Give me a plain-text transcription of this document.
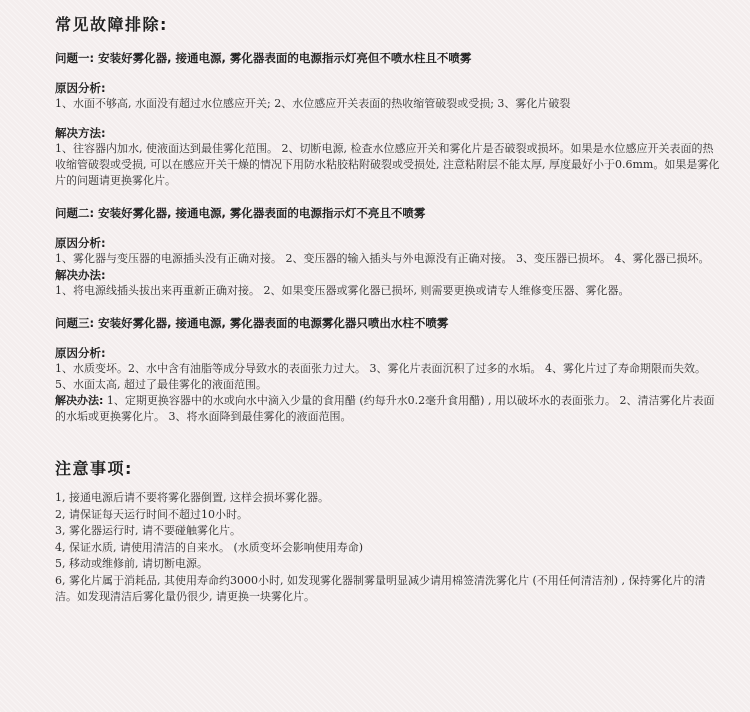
常见故障排除:

问题一: 安装好雾化器, 接通电源, 雾化器表面的电源指示灯亮但不喷水柱且不喷雾

原因分析:

1、水面不够高, 水面没有超过水位感应开关; 2、水位感应开关表面的热收缩管破裂或受损; 3、雾化片破裂

解决方法:

1、往容器内加水, 使液面达到最佳雾化范围。 2、切断电源, 检查水位感应开关和雾化片是否破裂或损坏。如果是水位感应开关表面的热收缩管破裂或受损, 可以在感应开关干燥的情况下用防水粘胶粘附破裂或受损处, 注意粘附层不能太厚, 厚度最好小于0.6mm。如果是雾化片的问题请更换雾化片。

问题二: 安装好雾化器, 接通电源, 雾化器表面的电源指示灯不亮且不喷雾

原因分析:

1、雾化器与变压器的电源插头没有正确对接。 2、变压器的输入插头与外电源没有正确对接。 3、变压器已损坏。 4、雾化器已损坏。

解决办法:

1、将电源线插头拔出来再重新正确对接。 2、如果变压器或雾化器已损坏, 则需要更换或请专人维修变压器、雾化器。

问题三: 安装好雾化器, 接通电源, 雾化器表面的电源雾化器只喷出水柱不喷雾

原因分析:

1、水质变坏。2、水中含有油脂等成分导致水的表面张力过大。 3、雾化片表面沉积了过多的水垢。 4、雾化片过了寿命期限而失效。 5、水面太高, 超过了最佳雾化的液面范围。

解决办法: 1、定期更换容器中的水或向水中滴入少量的食用醋 (约每升水0.2毫升食用醋) , 用以破坏水的表面张力。 2、清洁雾化片表面的水垢或更换雾化片。 3、将水面降到最佳雾化的液面范围。

注意事项:
1, 接通电源后请不要将雾化器倒置, 这样会损坏雾化器。
2, 请保证每天运行时间不超过10小时。
3, 雾化器运行时, 请不要碰触雾化片。
4, 保证水质, 请使用清洁的自来水。 (水质变坏会影响使用寿命)
5, 移动或维修前, 请切断电源。
6, 雾化片属于消耗品, 其使用寿命约3000小时, 如发现雾化器制雾量明显减少请用棉签清洗雾化片 (不用任何清洁剂) , 保持雾化片的清洁。如发现清洁后雾化量仍很少, 请更换一块雾化片。
